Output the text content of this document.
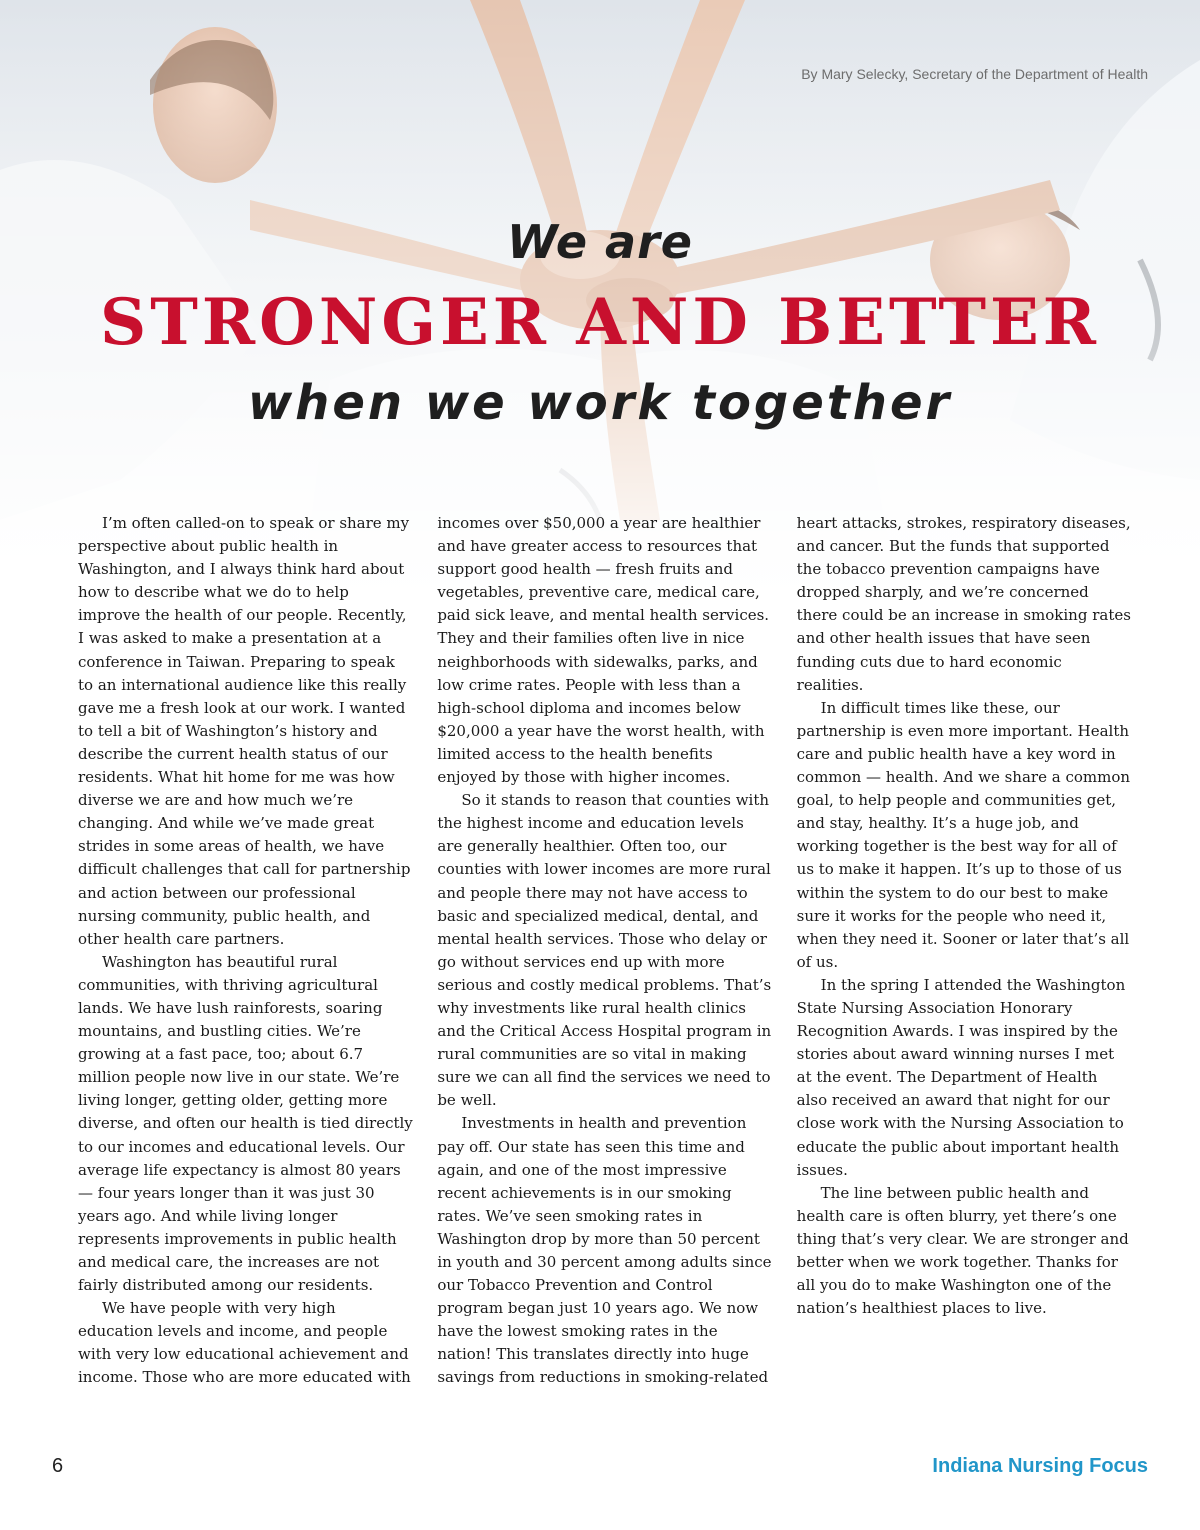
By Mary Selecky, Secretary of the Department of Health
We are
STRONGER AND BETTER
when we work together

I’m often called-on to speak or share my perspective about public health in Washington, and I always think hard about how to describe what we do to help improve the health of our people. Recently, I was asked to make a presentation at a conference in Taiwan. Preparing to speak to an international audience like this really gave me a fresh look at our work. I wanted to tell a bit of Washington’s history and describe the current health status of our residents. What hit home for me was how diverse we are and how much we’re changing. And while we’ve made great strides in some areas of health, we have difficult challenges that call for partnership and action between our professional nursing community, public health, and other health care partners.

Washington has beautiful rural communities, with thriving agricultural lands. We have lush rainforests, soaring mountains, and bustling cities. We’re growing at a fast pace, too; about 6.7 million people now live in our state. We’re living longer, getting older, getting more diverse, and often our health is tied directly to our incomes and educational levels. Our average life expectancy is almost 80 years — four years longer than it was just 30 years ago. And while living longer represents improvements in public health and medical care, the increases are not fairly distributed among our residents.

We have people with very high education levels and income, and people with very low educational achievement and income. Those who are more educated with incomes over $50,000 a year are healthier and have greater access to resources that support good health — fresh fruits and vegetables, preventive care, medical care, paid sick leave, and mental health services. They and their families often live in nice neighborhoods with sidewalks, parks, and low crime rates. People with less than a high-school diploma and incomes below $20,000 a year have the worst health, with limited access to the health benefits enjoyed by those with higher incomes.

So it stands to reason that counties with the highest income and education levels are generally healthier. Often too, our counties with lower incomes are more rural and people there may not have access to basic and specialized medical, dental, and mental health services. Those who delay or go without services end up with more serious and costly medical problems. That’s why investments like rural health clinics and the Critical Access Hospital program in rural communities are so vital in making sure we can all find the services we need to be well.

Investments in health and prevention pay off. Our state has seen this time and again, and one of the most impressive recent achievements is in our smoking rates. We’ve seen smoking rates in Washington drop by more than 50 percent in youth and 30 percent among adults since our Tobacco Prevention and Control program began just 10 years ago. We now have the lowest smoking rates in the nation! This translates directly into huge savings from reductions in smoking-related heart attacks, strokes, respiratory diseases, and cancer. But the funds that supported the tobacco prevention campaigns have dropped sharply, and we’re concerned there could be an increase in smoking rates and other health issues that have seen funding cuts due to hard economic realities.

In difficult times like these, our partnership is even more important. Health care and public health have a key word in common — health. And we share a common goal, to help people and communities get, and stay, healthy. It’s a huge job, and working together is the best way for all of us to make it happen. It’s up to those of us within the system to do our best to make sure it works for the people who need it, when they need it. Sooner or later that’s all of us.

In the spring I attended the Washington State Nursing Association Honorary Recognition Awards. I was inspired by the stories about award winning nurses I met at the event. The Department of Health also received an award that night for our close work with the Nursing Association to educate the public about important health issues.

The line between public health and health care is often blurry, yet there’s one thing that’s very clear. We are stronger and better when we work together. Thanks for all you do to make Washington one of the nation’s healthiest places to live.

6	Indiana Nursing Focus
